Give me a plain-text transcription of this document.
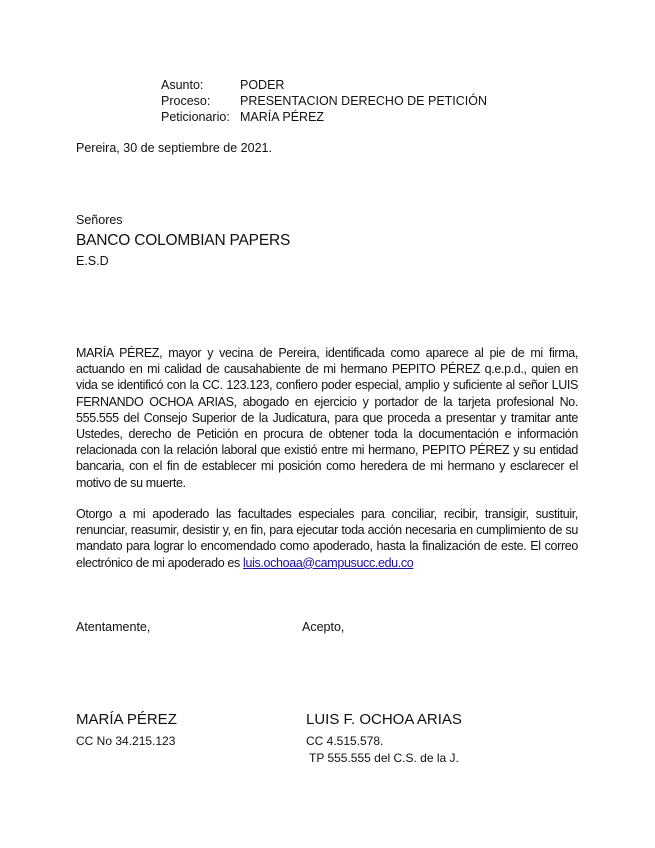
Asunto:	PODER
Proceso:	PRESENTACION DERECHO DE PETICIÓN
Peticionario: MARÍA PÉREZ
Pereira, 30 de septiembre de 2021.
Señores
BANCO COLOMBIAN PAPERS
E.S.D
MARÍA PÉREZ, mayor y vecina de Pereira, identificada como aparece al pie de mi firma, actuando en mi calidad de causahabiente de mi hermano PEPITO PÉREZ q.e.p.d., quien en vida se identificó con la CC. 123.123, confiero poder especial, amplio y suficiente al señor LUIS FERNANDO OCHOA ARIAS, abogado en ejercicio y portador de la tarjeta profesional No. 555.555 del Consejo Superior de la Judicatura, para que proceda a presentar y tramitar ante Ustedes, derecho de Petición en procura de obtener toda la documentación e información relacionada con la relación laboral que existió entre mi hermano, PEPITO PÉREZ y su entidad bancaria, con el fin de establecer mi posición como heredera de mi hermano y esclarecer el motivo de su muerte.
Otorgo a mi apoderado las facultades especiales para conciliar, recibir, transigir, sustituir, renunciar, reasumir, desistir y, en fin, para ejecutar toda acción necesaria en cumplimiento de su mandato para lograr lo encomendado como apoderado, hasta la finalización de este. El correo electrónico de mi apoderado es luis.ochoaa@campusucc.edu.co
Atentamente,	Acepto,
MARÍA PÉREZ
CC No 34.215.123
LUIS F. OCHOA ARIAS
CC 4.515.578.
TP 555.555 del C.S. de la J.
